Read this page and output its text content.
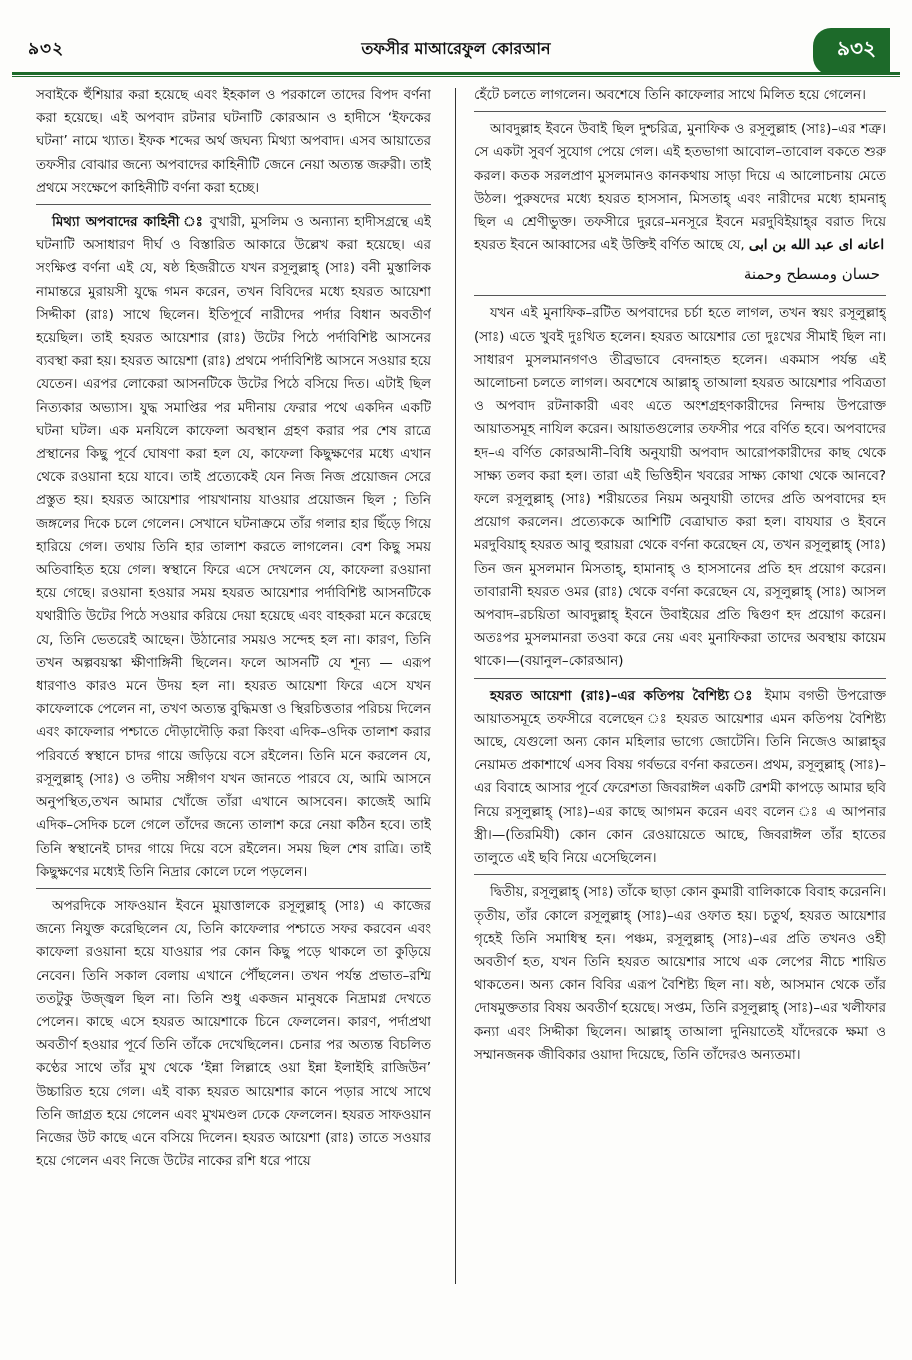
৯৩২	তফসীর মাআরেফুল কোরআন	৯৩২

সবাইকে হুঁশিয়ার করা হয়েছে এবং ইহকাল ও পরকালে তাদের বিপদ বর্ণনা করা হয়েছে। এই অপবাদ রটনার ঘটনাটি কোরআন ও হাদীসে ‘ইফকের ঘটনা’ নামে খ্যাত। ইফক শব্দের অর্থ জঘন্য মিথ্যা অপবাদ। এসব আয়াতের তফসীর বোঝার জন্যে অপবাদের কাহিনীটি জেনে নেয়া অত্যন্ত জরুরী। তাই প্রথমে সংক্ষেপে কাহিনীটি বর্ণনা করা হচ্ছে।

মিথ্যা অপবাদের কাহিনী ঃ বুখারী, মুসলিম ও অন্যান্য হাদীসগ্রন্থে এই ঘটনাটি অসাধারণ দীর্ঘ ও বিস্তারিত আকারে উল্লেখ করা হয়েছে। এর সংক্ষিপ্ত বর্ণনা এই যে, ষষ্ঠ হিজরীতে যখন রসূলুল্লাহ্ (সাঃ) বনী মুস্তালিক নামান্তরে মুরায়সী যুদ্ধে গমন করেন, তখন বিবিদের মধ্যে হযরত আয়েশা সিদ্দীকা (রাঃ) সাথে ছিলেন। ইতিপূর্বে নারীদের পর্দার বিধান অবতীর্ণ হয়েছিল। তাই হযরত আয়েশার (রাঃ) উটের পিঠে পর্দাবিশিষ্ট আসনের ব্যবস্থা করা হয়। হযরত আয়েশা (রাঃ) প্রথমে পর্দাবিশিষ্ট আসনে সওয়ার হয়ে যেতেন। এরপর লোকেরা আসনটিকে উটের পিঠে বসিয়ে দিত। এটাই ছিল নিত্যকার অভ্যাস। যুদ্ধ সমাপ্তির পর মদীনায় ফেরার পথে একদিন একটি ঘটনা ঘটল। এক মনযিলে কাফেলা অবস্থান গ্রহণ করার পর শেষ রাত্রে প্রস্থানের কিছু পূর্বে ঘোষণা করা হল যে, কাফেলা কিছুক্ষণের মধ্যে এখান থেকে রওয়ানা হয়ে যাবে। তাই প্রত্যেকেই যেন নিজ নিজ প্রয়োজন সেরে প্রস্তুত হয়। হযরত আয়েশার পায়খানায় যাওয়ার প্রয়োজন ছিল ; তিনি জঙ্গলের দিকে চলে গেলেন। সেখানে ঘটনাক্রমে তাঁর গলার হার ছিঁড়ে গিয়ে হারিয়ে গেল। তথায় তিনি হার তালাশ করতে লাগলেন। বেশ কিছু সময় অতিবাহিত হয়ে গেল। স্বস্থানে ফিরে এসে দেখলেন যে, কাফেলা রওয়ানা হয়ে গেছে। রওয়ানা হওয়ার সময় হযরত আয়েশার পর্দাবিশিষ্ট আসনটিকে যথারীতি উটের পিঠে সওয়ার করিয়ে দেয়া হয়েছে এবং বাহকরা মনে করেছে যে, তিনি ভেতরেই আছেন। উঠানোর সময়ও সন্দেহ হল না। কারণ, তিনি তখন অল্পবয়স্কা ক্ষীণাঙ্গিনী ছিলেন। ফলে আসনটি যে শূন্য — এরূপ ধারণাও কারও মনে উদয় হল না। হযরত আয়েশা ফিরে এসে যখন কাফেলাকে পেলেন না, তখণ অত্যন্ত বুদ্ধিমত্তা ও স্থিরচিত্ততার পরিচয় দিলেন এবং কাফেলার পশ্চাতে দৌড়াদৌড়ি করা কিংবা এদিক–ওদিক তালাশ করার পরিবর্তে স্বস্থানে চাদর গায়ে জড়িয়ে বসে রইলেন। তিনি মনে করলেন যে, রসূলুল্লাহ্ (সাঃ) ও তদীয় সঙ্গীগণ যখন জানতে পারবে যে, আমি আসনে অনুপস্থিত,তখন আমার খোঁজে তাঁরা এখানে আসবেন। কাজেই আমি এদিক–সেদিক চলে গেলে তাঁদের জন্যে তালাশ করে নেয়া কঠিন হবে। তাই তিনি স্বস্থানেই চাদর গায়ে দিয়ে বসে রইলেন। সময় ছিল শেষ রাত্রি। তাই কিছুক্ষণের মধ্যেই তিনি নিদ্রার কোলে ঢলে পড়লেন।

অপরদিকে সাফওয়ান ইবনে মুয়াত্তালকে রসূলুল্লাহ্ (সাঃ) এ কাজের জন্যে নিযুক্ত করেছিলেন যে, তিনি কাফেলার পশ্চাতে সফর করবেন এবং কাফেলা রওয়ানা হয়ে যাওয়ার পর কোন কিছু পড়ে থাকলে তা কুড়িয়ে নেবেন। তিনি সকাল বেলায় এখানে পৌঁছলেন। তখন পর্যন্ত প্রভাত–রশ্মি ততটুকু উজ্জ্বল ছিল না। তিনি শুধু একজন মানুষকে নিদ্রামগ্ন দেখতে পেলেন। কাছে এসে হযরত আয়েশাকে চিনে ফেললেন। কারণ, পর্দাপ্রথা অবতীর্ণ হওয়ার পূর্বে তিনি তাঁকে দেখেছিলেন। চেনার পর অত্যন্ত বিচলিত কণ্ঠের সাথে তাঁর মুখ থেকে ‘ইন্না লিল্লাহে ওয়া ইন্না ইলাইহি রাজিউন’ উচ্চারিত হয়ে গেল। এই বাক্য হযরত আয়েশার কানে পড়ার সাথে সাথে তিনি জাগ্রত হয়ে গেলেন এবং মুখমণ্ডল ঢেকে ফেললেন। হযরত সাফওয়ান নিজের উট কাছে এনে বসিয়ে দিলেন। হযরত আয়েশা (রাঃ) তাতে সওয়ার হয়ে গেলেন এবং নিজে উটের নাকের রশি ধরে পায়ে

হেঁটে চলতে লাগলেন। অবশেষে তিনি কাফেলার সাথে মিলিত হয়ে গেলেন।

আবদুল্লাহ ইবনে উবাই ছিল দুশ্চরিত্র, মুনাফিক ও রসূলুল্লাহ (সাঃ)–এর শত্রু। সে একটা সুবর্ণ সুযোগ পেয়ে গেল। এই হতভাগা আবোল–তাবোল বকতে শুরু করল। কতক সরলপ্রাণ মুসলমানও কানকথায় সাড়া দিয়ে এ আলোচনায় মেতে উঠল। পুরুষদের মধ্যে হযরত হাসসান, মিসতাহ্ এবং নারীদের মধ্যে হামনাহ্ ছিল এ শ্রেণীভুক্ত। তফসীরে দুররে–মনসূরে ইবনে মরদুবিইয়াহ্‌র বরাত দিয়ে হযরত ইবনে আব্বাসের এই উক্তিই বর্ণিত আছে যে, اعانه اى عبد الله بن ابى

حسان ومسطح وحمنة

যখন এই মুনাফিক–রটিত অপবাদের চর্চা হতে লাগল, তখন স্বয়ং রসূলুল্লাহ্ (সাঃ) এতে খুবই দুঃখিত হলেন। হযরত আয়েশার তো দুঃখের সীমাই ছিল না। সাধারণ মুসলমানগণও তীব্রভাবে বেদনাহত হলেন। একমাস পর্যন্ত এই আলোচনা চলতে লাগল। অবশেষে আল্লাহ্ তাআলা হযরত আয়েশার পবিত্রতা ও অপবাদ রটনাকারী এবং এতে অংশগ্রহণকারীদের নিন্দায় উপরোক্ত আয়াতসমূহ নাযিল করেন। আয়াতগুলোর তফসীর পরে বর্ণিত হবে। অপবাদের হদ–এ বর্ণিত কোরআনী–বিধি অনুযায়ী অপবাদ আরোপকারীদের কাছ থেকে সাক্ষ্য তলব করা হল। তারা এই ভিত্তিহীন খবরের সাক্ষ্য কোথা থেকে আনবে? ফলে রসূলুল্লাহ্ (সাঃ) শরীয়তের নিয়ম অনুযায়ী তাদের প্রতি অপবাদের হদ প্রয়োগ করলেন। প্রত্যেককে আশিটি বেত্রাঘাত করা হল। বাযযার ও ইবনে মরদুবিয়াহ্ হযরত আবু হুরায়রা থেকে বর্ণনা করেছেন যে, তখন রসূলুল্লাহ্ (সাঃ) তিন জন মুসলমান মিসতাহ্, হামানাহ্ ও হাসসানের প্রতি হদ প্রয়োগ করেন। তাবারানী হযরত ওমর (রাঃ) থেকে বর্ণনা করেছেন যে, রসূলুল্লাহ্ (সাঃ) আসল অপবাদ–রচয়িতা আবদুল্লাহ্ ইবনে উবাইয়ের প্রতি দ্বিগুণ হদ প্রয়োগ করেন। অতঃপর মুসলমানরা তওবা করে নেয় এবং মুনাফিকরা তাদের অবস্থায় কায়েম থাকে।—(বয়ানুল–কোরআন)

হযরত আয়েশা (রাঃ)–এর কতিপয় বৈশিষ্ট্য ঃ ইমাম বগভী উপরোক্ত আয়াতসমূহে তফসীরে বলেছেন ঃ হযরত আয়েশার এমন কতিপয় বৈশিষ্ট্য আছে, যেগুলো অন্য কোন মহিলার ভাগ্যে জোটেনি। তিনি নিজেও আল্লাহ্‌র নেয়ামত প্রকাশার্থে এসব বিষয় গর্বভরে বর্ণনা করতেন। প্রথম, রসূলুল্লাহ্ (সাঃ)–এর বিবাহে আসার পূর্বে ফেরেশতা জিবরাঈল একটি রেশমী কাপড়ে আমার ছবি নিয়ে রসূলুল্লাহ্ (সাঃ)–এর কাছে আগমন করেন এবং বলেন ঃ এ আপনার স্ত্রী।—(তিরমিযী) কোন কোন রেওয়ায়েতে আছে, জিবরাঈল তাঁর হাতের তালুতে এই ছবি নিয়ে এসেছিলেন।

দ্বিতীয়, রসূলুল্লাহ্ (সাঃ) তাঁকে ছাড়া কোন কুমারী বালিকাকে বিবাহ করেননি। তৃতীয়, তাঁর কোলে রসূলুল্লাহ্ (সাঃ)–এর ওফাত হয়। চতুর্থ, হযরত আয়েশার গৃহেই তিনি সমাধিস্থ হন। পঞ্চম, রসূলুল্লাহ্ (সাঃ)–এর প্রতি তখনও ওহী অবতীর্ণ হত, যখন তিনি হযরত আয়েশার সাথে এক লেপের নীচে শায়িত থাকতেন। অন্য কোন বিবির এরূপ বৈশিষ্ট্য ছিল না। ষষ্ঠ, আসমান থেকে তাঁর দোষমুক্ততার বিষয় অবতীর্ণ হয়েছে। সপ্তম, তিনি রসূলুল্লাহ্ (সাঃ)–এর খলীফার কন্যা এবং সিদ্দীকা ছিলেন। আল্লাহ্ তাআলা দুনিয়াতেই যাঁদেরকে ক্ষমা ও সম্মানজনক জীবিকার ওয়াদা দিয়েছে, তিনি তাঁদেরও অন্যতমা।
